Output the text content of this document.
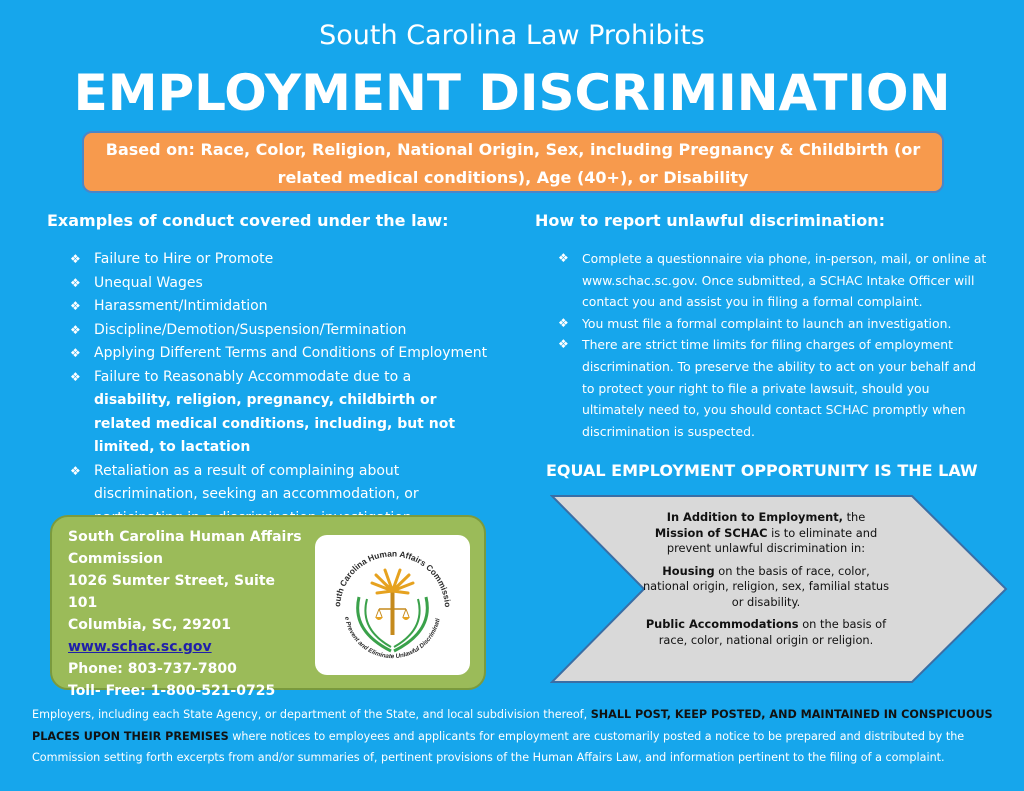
South Carolina Law Prohibits
EMPLOYMENT DISCRIMINATION
Based on: Race, Color, Religion, National Origin, Sex, including Pregnancy & Childbirth (or related medical conditions), Age (40+), or Disability
Examples of conduct covered under the law:
❖ Failure to Hire or Promote
❖ Unequal Wages
❖ Harassment/Intimidation
❖ Discipline/Demotion/Suspension/Termination
❖ Applying Different Terms and Conditions of Employment
❖ Failure to Reasonably Accommodate due to a disability, religion, pregnancy, childbirth or related medical conditions, including, but not limited, to lactation
❖ Retaliation as a result of complaining about discrimination, seeking an accommodation, or
How to report unlawful discrimination:
❖ Complete a questionnaire via phone, in-person, mail, or online at www.schac.sc.gov. Once submitted, a SCHAC Intake Officer will contact you and assist you in filing a formal complaint.
❖ You must file a formal complaint to launch an investigation.
❖ There are strict time limits for filing charges of employment discrimination. To preserve the ability to act on your behalf and to protect your right to file a private lawsuit, should you ultimately need to, you should contact SCHAC promptly when discrimination is suspected.
EQUAL EMPLOYMENT OPPORTUNITY IS THE LAW
South Carolina Human Affairs Commission
1026 Sumter Street, Suite 101
Columbia, SC, 29201
www.schac.sc.gov
Phone: 803-737-7800
Toll- Free: 1-800-521-0725
outh Carolina Human Affairs Commissio
e Prevent and Eliminate Unlawful Discriminati

In Addition to Employment, the Mission of SCHAC is to eliminate and prevent unlawful discrimination in:

Housing on the basis of race, color, national origin, religion, sex, familial status or disability.

Public Accommodations on the basis of race, color, national origin or religion.

Employers, including each State Agency, or department of the State, and local subdivision thereof, SHALL POST, KEEP POSTED, AND MAINTAINED IN CONSPICUOUS PLACES UPON THEIR PREMISES where notices to employees and applicants for employment are customarily posted a notice to be prepared and distributed by the Commission setting forth excerpts from and/or summaries of, pertinent provisions of the Human Affairs Law, and information pertinent to the filing of a complaint.
